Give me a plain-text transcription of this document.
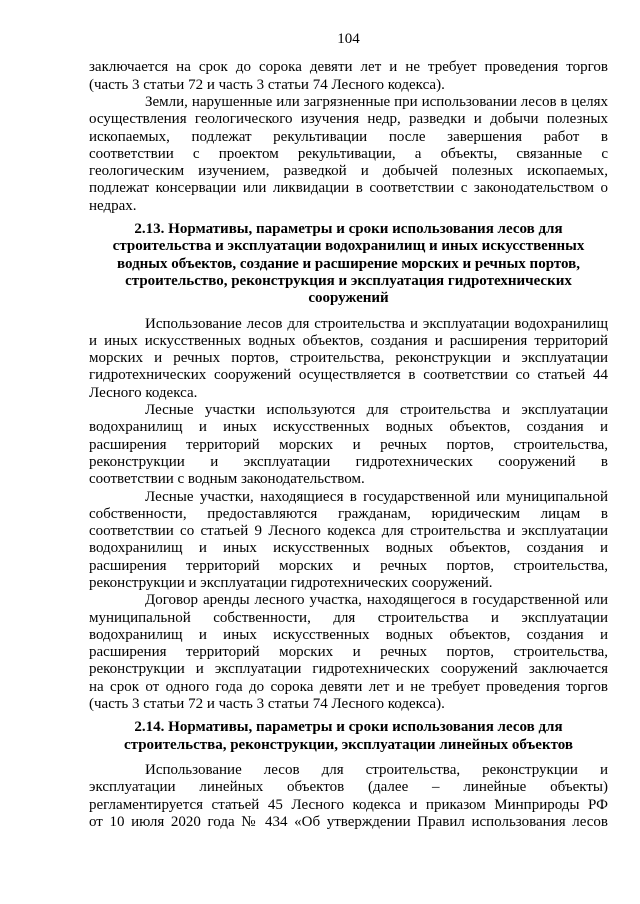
104
заключается на срок до сорока девяти лет и не требует проведения торгов
(часть 3 статьи 72 и часть 3 статьи 74 Лесного кодекса).
Земли, нарушенные или загрязненные при использовании лесов в целях
осуществления геологического изучения недр, разведки и добычи полезных
ископаемых, подлежат рекультивации после завершения работ в
соответствии с проектом рекультивации, а объекты, связанные с
геологическим изучением, разведкой и добычей полезных ископаемых,
подлежат консервации или ликвидации в соответствии с законодательством о
недрах.
2.13. Нормативы, параметры и сроки использования лесов для
строительства и эксплуатации водохранилищ и иных искусственных
водных объектов, создание и расширение морских и речных портов,
строительство, реконструкция и эксплуатация гидротехнических
сооружений
Использование лесов для строительства и эксплуатации водохранилищ
и иных искусственных водных объектов, создания и расширения территорий
морских и речных портов, строительства, реконструкции и эксплуатации
гидротехнических сооружений осуществляется в соответствии со статьей 44
Лесного кодекса.
Лесные участки используются для строительства и эксплуатации
водохранилищ и иных искусственных водных объектов, создания и
расширения территорий морских и речных портов, строительства,
реконструкции и эксплуатации гидротехнических сооружений в
соответствии с водным законодательством.
Лесные участки, находящиеся в государственной или муниципальной
собственности, предоставляются гражданам, юридическим лицам в
соответствии со статьей 9 Лесного кодекса для строительства и эксплуатации
водохранилищ и иных искусственных водных объектов, создания и
расширения территорий морских и речных портов, строительства,
реконструкции и эксплуатации гидротехнических сооружений.
Договор аренды лесного участка, находящегося в государственной или
муниципальной собственности, для строительства и эксплуатации
водохранилищ и иных искусственных водных объектов, создания и
расширения территорий морских и речных портов, строительства,
реконструкции и эксплуатации гидротехнических сооружений заключается
на срок от одного года до сорока девяти лет и не требует проведения торгов
(часть 3 статьи 72 и часть 3 статьи 74 Лесного кодекса).
2.14. Нормативы, параметры и сроки использования лесов для
строительства, реконструкции, эксплуатации линейных объектов
Использование лесов для строительства, реконструкции и
эксплуатации линейных объектов (далее – линейные объекты)
регламентируется статьей 45 Лесного кодекса и приказом Минприроды РФ
от 10 июля 2020 года № 434 «Об утверждении Правил использования лесов
